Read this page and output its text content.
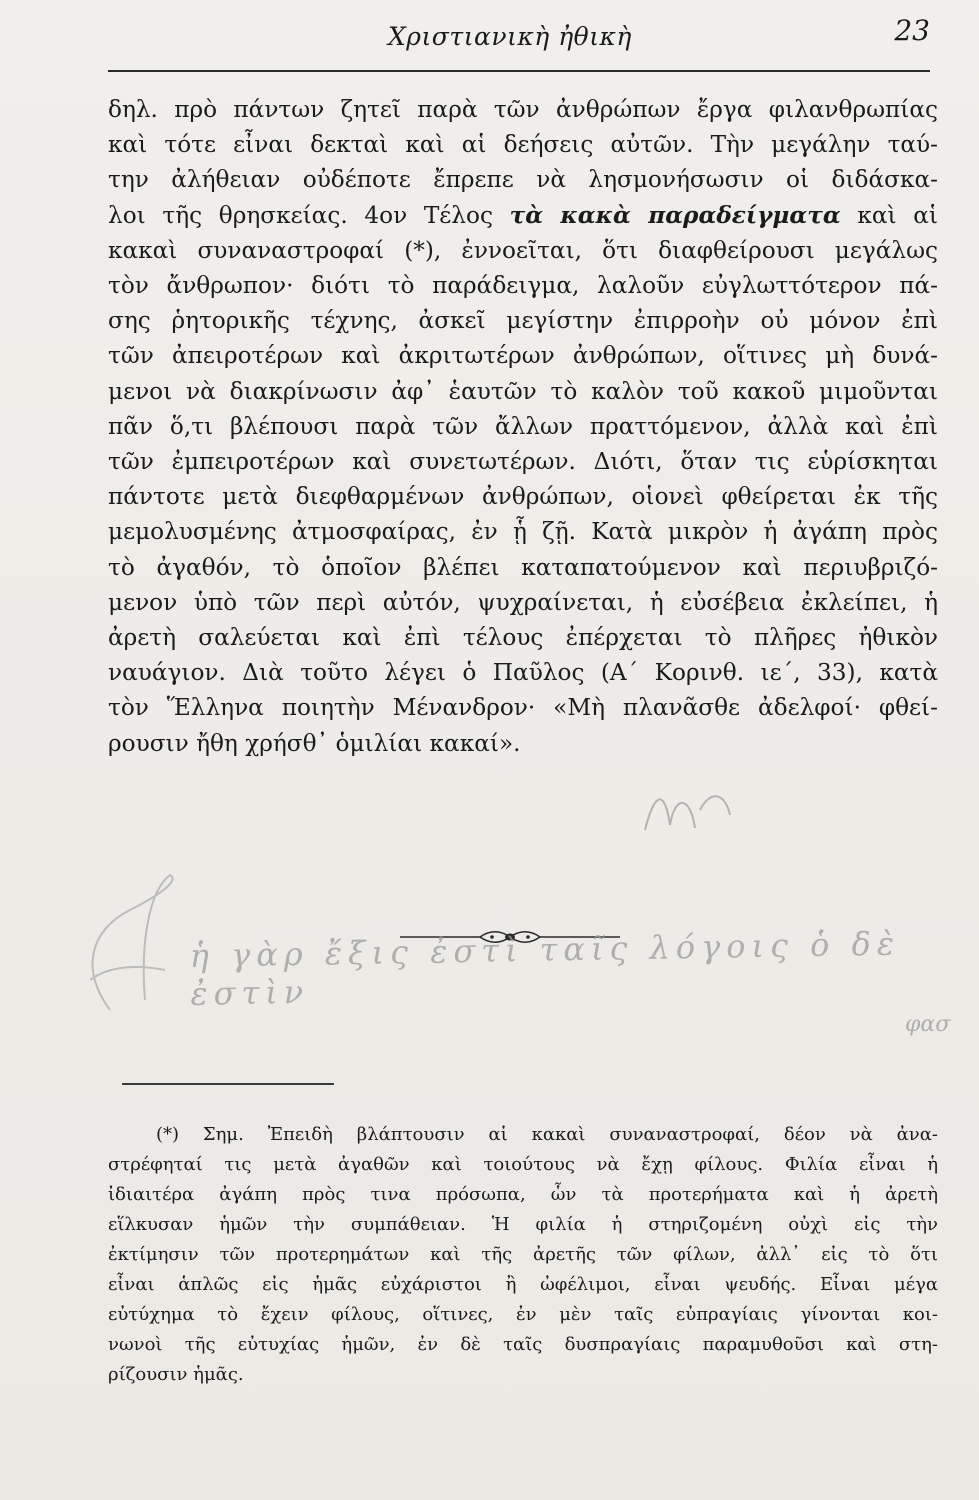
Χριστιανικὴ ἠθικὴ	23
δηλ. πρὸ πάντων ζητεῖ παρὰ τῶν ἀνθρώπων ἔργα φιλανθρωπίας
καὶ τότε εἶναι δεκταὶ καὶ αἱ δεήσεις αὐτῶν. Τὴν μεγάλην ταύ-
την ἀλήθειαν οὐδέποτε ἔπρεπε νὰ λησμονήσωσιν οἱ διδάσκα-
λοι τῆς θρησκείας. 4ον Τέλος τὰ κακὰ παραδείγματα καὶ αἱ
κακαὶ συναναστροφαί (*), ἐννοεῖται, ὅτι διαφθείρουσι μεγάλως
τὸν ἄνθρωπον· διότι τὸ παράδειγμα, λαλοῦν εὐγλωττότερον πά-
σης ῥητορικῆς τέχνης, ἀσκεῖ μεγίστην ἐπιρροὴν οὐ μόνον ἐπὶ
τῶν ἀπειροτέρων καὶ ἀκριτωτέρων ἀνθρώπων, οἵτινες μὴ δυνά-
μενοι νὰ διακρίνωσιν ἀφ᾽ ἑαυτῶν τὸ καλὸν τοῦ κακοῦ μιμοῦνται
πᾶν ὅ,τι βλέπουσι παρὰ τῶν ἄλλων πραττόμενον, ἀλλὰ καὶ ἐπὶ
τῶν ἐμπειροτέρων καὶ συνετωτέρων. Διότι, ὅταν τις εὑρίσκηται
πάντοτε μετὰ διεφθαρμένων ἀνθρώπων, οἱονεὶ φθείρεται ἐκ τῆς
μεμολυσμένης ἀτμοσφαίρας, ἐν ᾗ ζῇ. Κατὰ μικρὸν ἡ ἀγάπη πρὸς
τὸ ἀγαθόν, τὸ ὁποῖον βλέπει καταπατούμενον καὶ περιυβριζό-
μενον ὑπὸ τῶν περὶ αὐτόν, ψυχραίνεται, ἡ εὐσέβεια ἐκλείπει, ἡ
ἀρετὴ σαλεύεται καὶ ἐπὶ τέλους ἐπέρχεται τὸ πλῆρες ἠθικὸν
ναυάγιον. Διὰ τοῦτο λέγει ὁ Παῦλος (Α΄ Κορινθ. ιε΄, 33), κατὰ
τὸν Ἕλληνα ποιητὴν Μένανδρον· «Μὴ πλανᾶσθε ἀδελφοί· φθεί-
ρουσιν ἤθη χρήσθ᾽ ὁμιλίαι κακαί».
ἡ γὰρ ἔξις ἐστὶ ταῖς λόγοις ὁ δὲ ἐστὶν
φασ
(*) Σημ. Ἐπειδὴ βλάπτουσιν αἱ κακαὶ συναναστροφαί, δέον νὰ ἀνα-
στρέφηταί τις μετὰ ἀγαθῶν καὶ τοιούτους νὰ ἔχῃ φίλους. Φιλία εἶναι ἡ
ἰδιαιτέρα ἀγάπη πρὸς τινα πρόσωπα, ὧν τὰ προτερήματα καὶ ἡ ἀρετὴ
εἵλκυσαν ἡμῶν τὴν συμπάθειαν. Ἡ φιλία ἡ στηριζομένη οὐχὶ εἰς τὴν
ἐκτίμησιν τῶν προτερημάτων καὶ τῆς ἀρετῆς τῶν φίλων, ἀλλ᾽ εἰς τὸ ὅτι
εἶναι ἁπλῶς εἰς ἡμᾶς εὐχάριστοι ἢ ὠφέλιμοι, εἶναι ψευδής. Εἶναι μέγα
εὐτύχημα τὸ ἔχειν φίλους, οἵτινες, ἐν μὲν ταῖς εὐπραγίαις γίνονται κοι-
νωνοὶ τῆς εὐτυχίας ἡμῶν, ἐν δὲ ταῖς δυσπραγίαις παραμυθοῦσι καὶ στη-
ρίζουσιν ἡμᾶς.
